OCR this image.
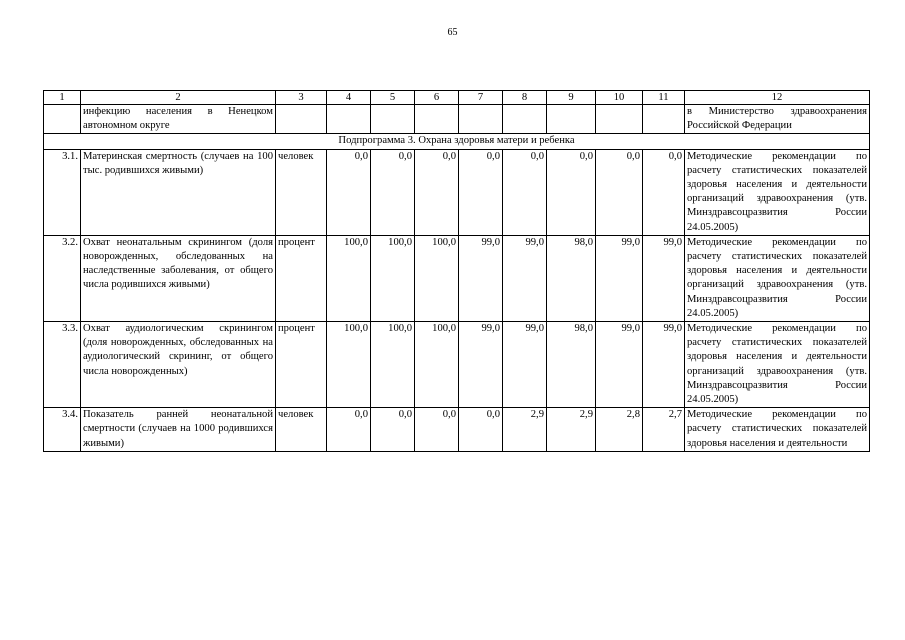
65
1	2	3	4	5	6	7	8	9	10	11	12
	инфекцию населения в Ненецком автономном округе										в Министерство здравоохранения Российской Федерации
Подпрограмма 3. Охрана здоровья матери и ребенка											
3.1.	Материнская смертность (случаев на 100 тыс. родившихся живыми)	человек	0,0	0,0	0,0	0,0	0,0	0,0	0,0	0,0	Методические рекомендации по расчету статистических показателей здоровья населения и деятельности организаций здравоохранения (утв. Минздравсоцразвития России 24.05.2005)
3.2.	Охват неонатальным скринингом (доля новорожденных, обследованных на наследственные заболевания, от общего числа родившихся живыми)	процент	100,0	100,0	100,0	99,0	99,0	98,0	99,0	99,0	Методические рекомендации по расчету статистических показателей здоровья населения и деятельности организаций здравоохранения (утв. Минздравсоцразвития России 24.05.2005)
3.3.	Охват аудиологическим скринингом (доля новорожденных, обследованных на аудиологический скрининг, от общего числа новорожденных)	процент	100,0	100,0	100,0	99,0	99,0	98,0	99,0	99,0	Методические рекомендации по расчету статистических показателей здоровья населения и деятельности организаций здравоохранения (утв. Минздравсоцразвития России 24.05.2005)
3.4.	Показатель ранней неонатальной смертности (случаев на 1000 родившихся живыми)	человек	0,0	0,0	0,0	0,0	2,9	2,9	2,8	2,7	Методические рекомендации по расчету статистических показателей здоровья населения и деятельности
